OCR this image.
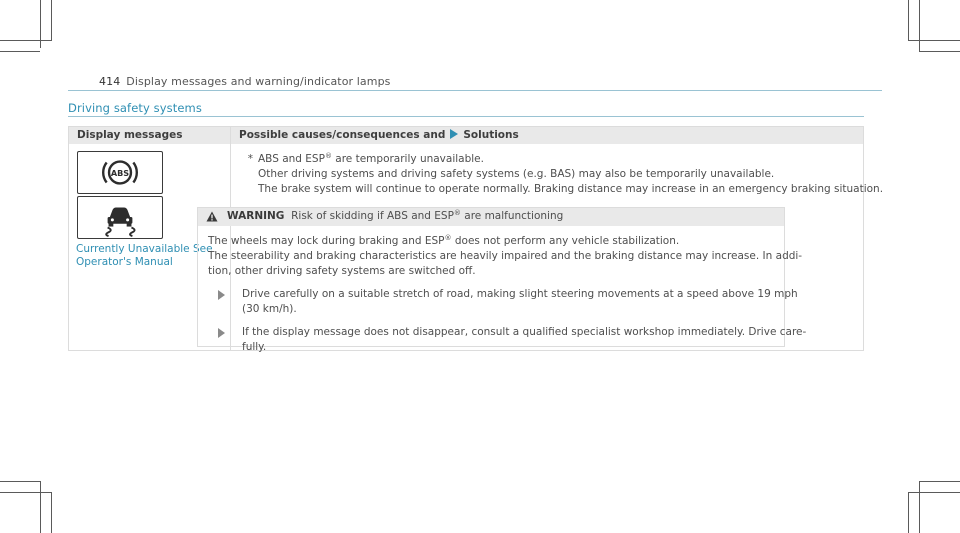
414 Display messages and warning/indicator lamps
Driving safety systems
Display messages	Possible causes/consequences and Solutions
ABS
Currently Unavailable See Operator's Manual
* ABS and ESP® are temporarily unavailable.
Other driving systems and driving safety systems (e.g. BAS) may also be temporarily unavailable.
The brake system will continue to operate normally. Braking distance may increase in an emergency braking situation.
WARNING Risk of skidding if ABS and ESP® are malfunctioning
The wheels may lock during braking and ESP® does not perform any vehicle stabilization.
The steerability and braking characteristics are heavily impaired and the braking distance may increase. In addi-
tion, other driving safety systems are switched off.
Drive carefully on a suitable stretch of road, making slight steering movements at a speed above 19 mph
(30 km/h).
If the display message does not disappear, consult a qualified specialist workshop immediately. Drive care-
fully.
